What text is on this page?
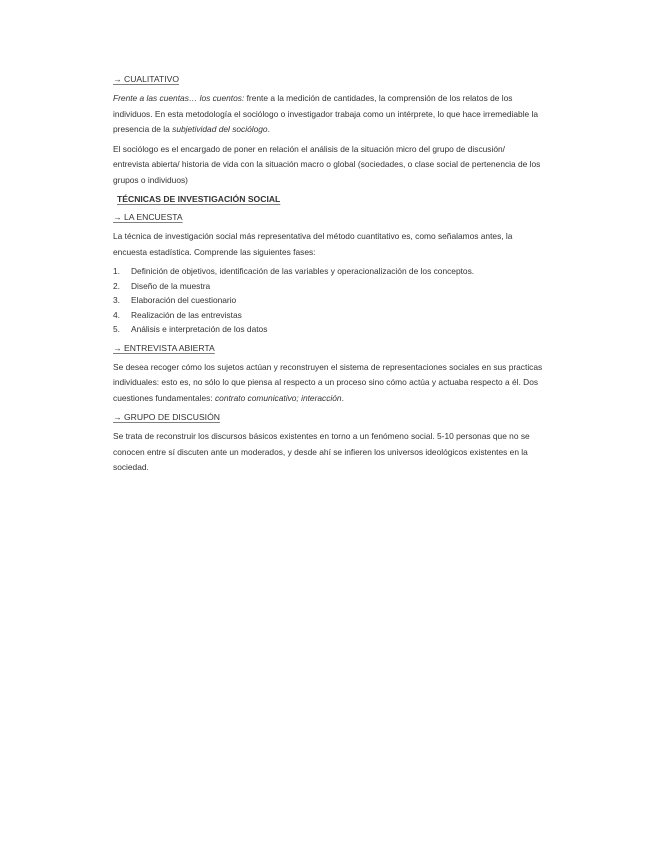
→ CUALITATIVO

Frente a las cuentas… los cuentos: frente a la medición de cantidades, la comprensión de los relatos de los individuos. En esta metodología el sociólogo o investigador trabaja como un intérprete, lo que hace irremediable la presencia de la subjetividad del sociólogo.

El sociólogo es el encargado de poner en relación el análisis de la situación micro del grupo de discusión/ entrevista abierta/ historia de vida con la situación macro o global (sociedades, o clase social de pertenencia de los grupos o individuos)

TÉCNICAS DE INVESTIGACIÓN SOCIAL
→ LA ENCUESTA

La técnica de investigación social más representativa del método cuantitativo es, como señalamos antes, la encuesta estadística. Comprende las siguientes fases:

1. Definición de objetivos, identificación de las variables y operacionalización de los conceptos.
2. Diseño de la muestra
3. Elaboración del cuestionario
4. Realización de las entrevistas
5. Análisis e interpretación de los datos
→ ENTREVISTA ABIERTA

Se desea recoger cómo los sujetos actúan y reconstruyen el sistema de representaciones sociales en sus practicas individuales: esto es, no sólo lo que piensa al respecto a un proceso sino cómo actúa y actuaba respecto a él. Dos cuestiones fundamentales: contrato comunicativo; interacción.

→ GRUPO DE DISCUSIÓN

Se trata de reconstruir los discursos básicos existentes en torno a un fenómeno social. 5-10 personas que no se conocen entre sí discuten ante un moderados, y desde ahí se infieren los universos ideológicos existentes en la sociedad.
